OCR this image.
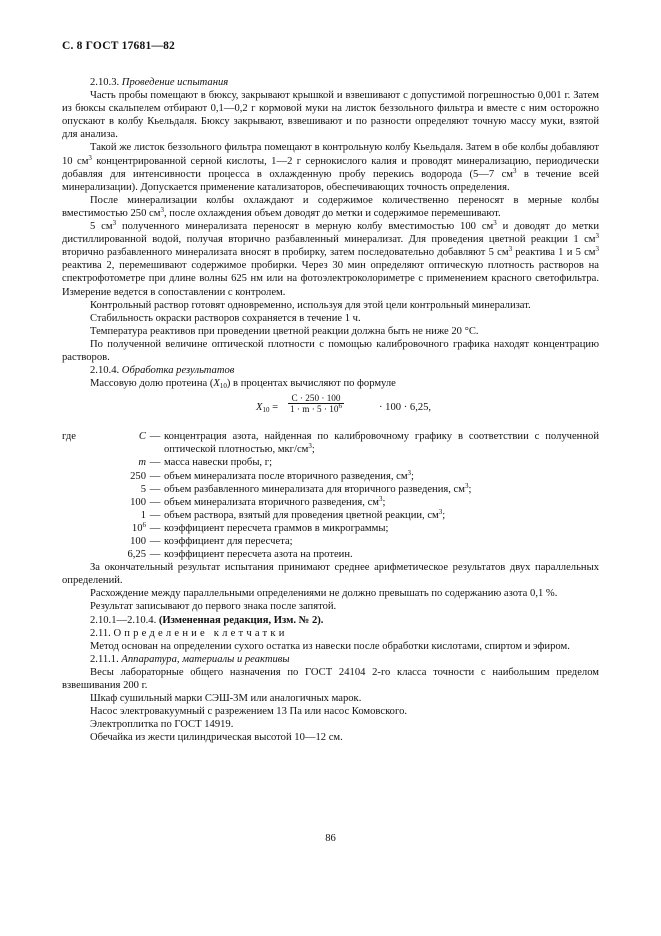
С. 8 ГОСТ 17681—82

2.10.3. Проведение испытания

Часть пробы помещают в бюксу, закрывают крышкой и взвешивают с допустимой погрешностью 0,001 г. Затем из бюксы скальпелем отбирают 0,1—0,2 г кормовой муки на листок беззольного фильтра и вместе с ним осторожно опускают в колбу Кьельдаля. Бюксу закрывают, взвешивают и по разности определяют точную массу муки, взятой для анализа.

Такой же листок беззольного фильтра помещают в контрольную колбу Кьельдаля. Затем в обе колбы добавляют 10 $см^3$ концентрированной серной кислоты, 1—2 г сернокислого калия и проводят минерализацию, периодически добавляя для интенсивности процесса в охлажденную пробу перекись водорода (5—7 $см^3$ в течение всей минерализации). Допускается применение катализаторов, обеспечивающих точность определения.

После минерализации колбы охлаждают и содержимое количественно переносят в мерные колбы вместимостью 250 $см^3$, после охлаждения объем доводят до метки и содержимое перемешивают.

5 $см^3$ полученного минерализата переносят в мерную колбу вместимостью 100 $см^3$ и доводят до метки дистиллированной водой, получая вторично разбавленный минерализат. Для проведения цветной реакции 1 $см^3$ вторично разбавленного минерализата вносят в пробирку, затем последовательно добавляют 5 $см^3$ реактива 1 и 5 $см^3$ реактива 2, перемешивают содержимое пробирки. Через 30 мин определяют оптическую плотность растворов на спектрофотометре при длине волны 625 нм или на фотоэлектроколориметре с применением красного светофильтра. Измерение ведется в сопоставлении с контролем.

Контрольный раствор готовят одновременно, используя для этой цели контрольный минерализат.

Стабильность окраски растворов сохраняется в течение 1 ч.

Температура реактивов при проведении цветной реакции должна быть не ниже 20 °С.

По полученной величине оптической плотности с помощью калибровочного графика находят концентрацию растворов.

2.10.4. Обработка результатов

Массовую долю протеина $(X_{10})$ в процентах вычисляют по формуле

$X_{10} = \frac{C \cdot 250 \cdot 100}{1 \cdot m \cdot 5 \cdot 10^6}$	· 100 · 6,25,
где	C — концентрация азота, найденная по калибровочному графику в соответствии с полученной оптической плотностью, мкг/$см^3$;
m — масса навески пробы, г;
250 — объем минерализата после вторичного разведения, $см^3$;
5 — объем разбавленного минерализата для вторичного разведения, $см^3$;
100 — объем минерализата вторичного разведения, $см^3$;
1 — объем раствора, взятый для проведения цветной реакции, $см^3$;
$10^6$ — коэффициент пересчета граммов в микрограммы;
100 — коэффициент для пересчета;
6,25 — коэффициент пересчета азота на протеин.

За окончательный результат испытания принимают среднее арифметическое результатов двух параллельных определений.

Расхождение между параллельными определениями не должно превышать по содержанию азота 0,1 %.

Результат записывают до первого знака после запятой.

2.10.1—2.10.4. (Измененная редакция, Изм. № 2).

2.11. Определение клетчатки

Метод основан на определении сухого остатка из навески после обработки кислотами, спиртом и эфиром.

2.11.1. Аппаратура, материалы и реактивы

Весы лабораторные общего назначения по ГОСТ 24104 2-го класса точности с наибольшим пределом взвешивания 200 г.

Шкаф сушильный марки СЭШ-3М или аналогичных марок.

Насос электровакуумный с разрежением 13 Па или насос Комовского.

Электроплитка по ГОСТ 14919.

Обечайка из жести цилиндрическая высотой 10—12 см.

86
